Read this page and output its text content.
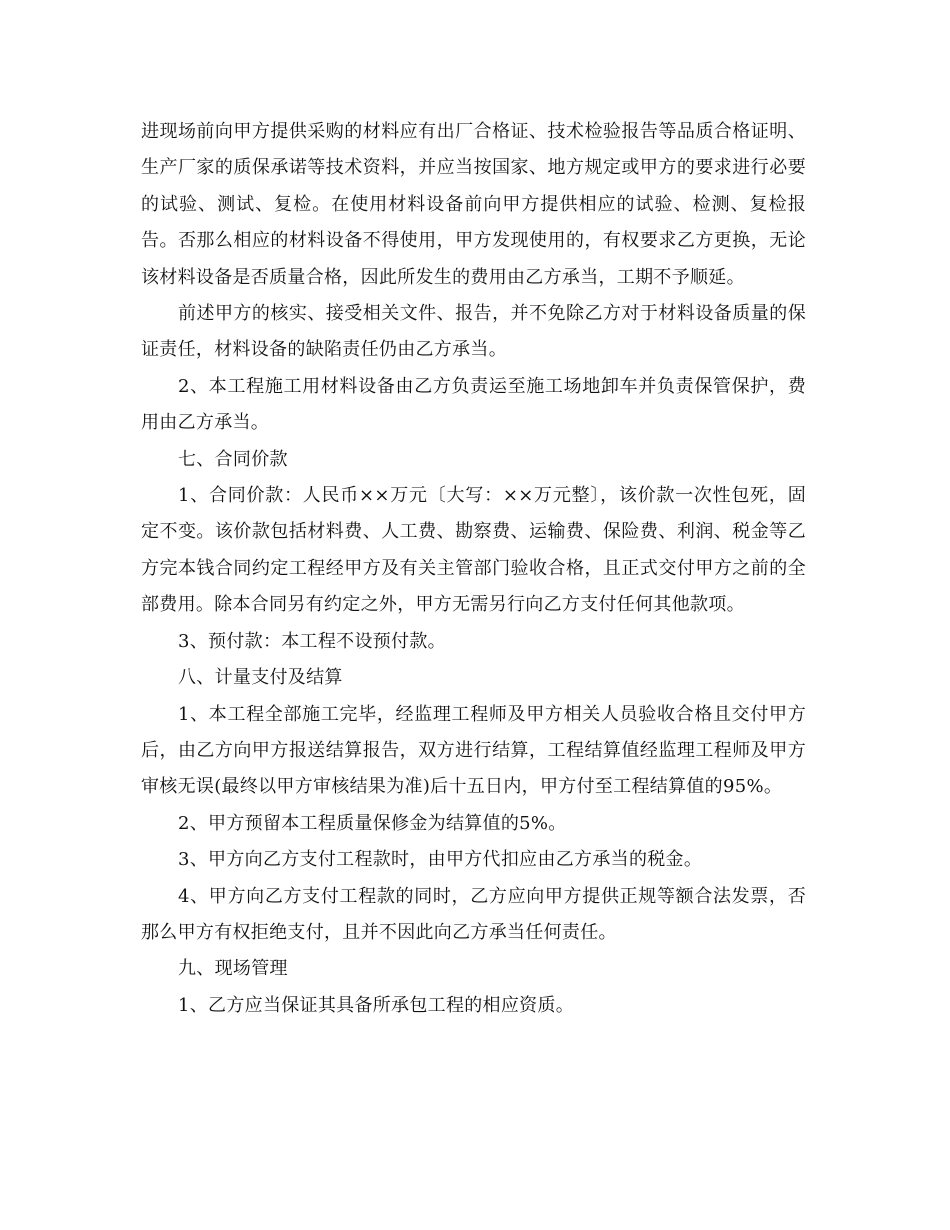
进现场前向甲方提供采购的材料应有出厂合格证、技术检验报告等品质合格证明、生产厂家的质保承诺等技术资料，并应当按国家、地方规定或甲方的要求进行必要的试验、测试、复检。在使用材料设备前向甲方提供相应的试验、检测、复检报告。否那么相应的材料设备不得使用，甲方发现使用的，有权要求乙方更换，无论该材料设备是否质量合格，因此所发生的费用由乙方承当，工期不予顺延。

前述甲方的核实、接受相关文件、报告，并不免除乙方对于材料设备质量的保证责任，材料设备的缺陷责任仍由乙方承当。

2、本工程施工用材料设备由乙方负责运至施工场地卸车并负责保管保护，费用由乙方承当。

七、合同价款

1、合同价款：人民币××万元〔大写：××万元整〕，该价款一次性包死，固定不变。该价款包括材料费、人工费、勘察费、运输费、保险费、利润、税金等乙方完本钱合同约定工程经甲方及有关主管部门验收合格，且正式交付甲方之前的全部费用。除本合同另有约定之外，甲方无需另行向乙方支付任何其他款项。

3、预付款：本工程不设预付款。

八、计量支付及结算

1、本工程全部施工完毕，经监理工程师及甲方相关人员验收合格且交付甲方后，由乙方向甲方报送结算报告，双方进行结算，工程结算值经监理工程师及甲方审核无误(最终以甲方审核结果为准)后十五日内，甲方付至工程结算值的95%。

2、甲方预留本工程质量保修金为结算值的5%。

3、甲方向乙方支付工程款时，由甲方代扣应由乙方承当的税金。

4、甲方向乙方支付工程款的同时，乙方应向甲方提供正规等额合法发票，否那么甲方有权拒绝支付，且并不因此向乙方承当任何责任。

九、现场管理

1、乙方应当保证其具备所承包工程的相应资质。
